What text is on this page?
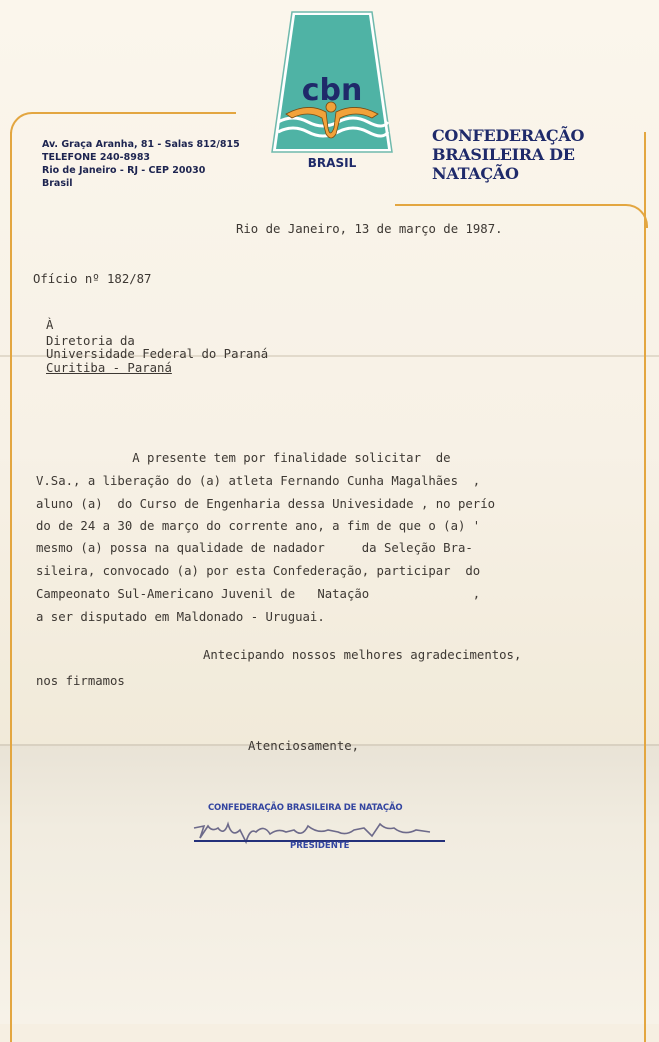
Av. Graça Aranha, 81 - Salas 812/815
TELEFONE 240-8983
Rio de Janeiro - RJ - CEP 20030
Brasil
cbn
BRASIL
CONFEDERAÇÃO
BRASILEIRA DE
NATAÇÃO
Rio de Janeiro, 13 de março de 1987.
Ofício nº 182/87
À
Diretoria da
Universidade Federal do Paraná
Curitiba - Paraná
A presente tem por finalidade solicitar  de
V.Sa., a liberação do (a) atleta Fernando Cunha Magalhães  ,
aluno (a)  do Curso de Engenharia dessa Univesidade , no perío
do de 24 a 30 de março do corrente ano, a fim de que o (a) '
mesmo (a) possa na qualidade de nadador     da Seleção Bra-
sileira, convocado (a) por esta Confederação, participar  do
Campeonato Sul-Americano Juvenil de   Natação              ,
a ser disputado em Maldonado - Uruguai.
Antecipando nossos melhores agradecimentos,
nos firmamos
Atenciosamente,
CONFEDERAÇÃO BRASILEIRA DE NATAÇÃO
PRESIDENTE
